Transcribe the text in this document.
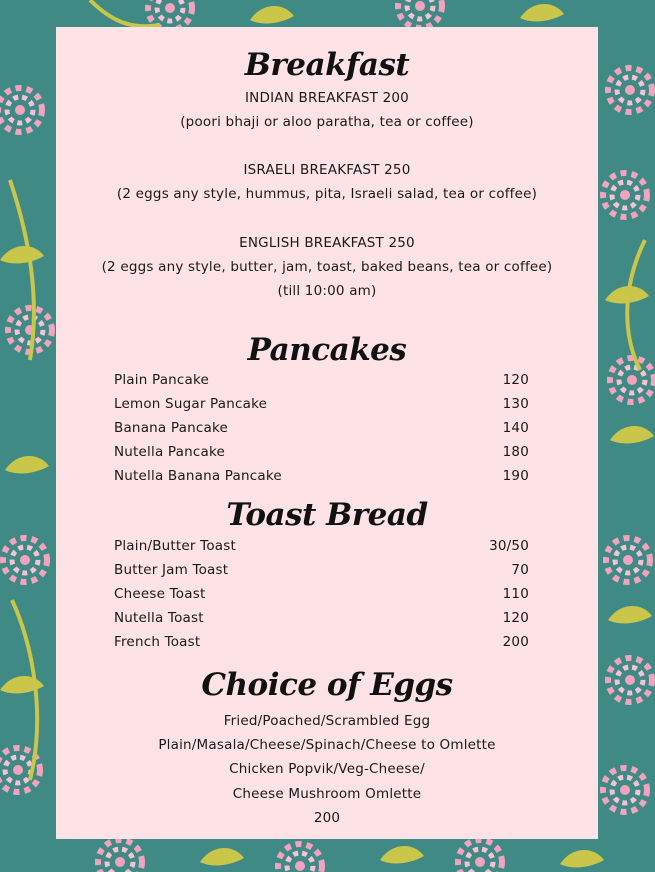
Breakfast
INDIAN BREAKFAST 200
(poori bhaji or aloo paratha, tea or coffee)
ISRAELI BREAKFAST 250
(2 eggs any style, hummus, pita, Israeli salad, tea or coffee)
ENGLISH BREAKFAST 250
(2 eggs any style, butter, jam, toast, baked beans, tea or coffee)
(till 10:00 am)
Pancakes
Plain Pancake	120
Lemon Sugar Pancake	130
Banana Pancake	140
Nutella Pancake	180
Nutella Banana Pancake	190
Toast Bread
Plain/Butter Toast	30/50
Butter Jam Toast	70
Cheese Toast	110
Nutella Toast	120
French Toast	200
Choice of Eggs
Fried/Poached/Scrambled Egg
Plain/Masala/Cheese/Spinach/Cheese to Omlette
Chicken Popvik/Veg-Cheese/
Cheese Mushroom Omlette
200
